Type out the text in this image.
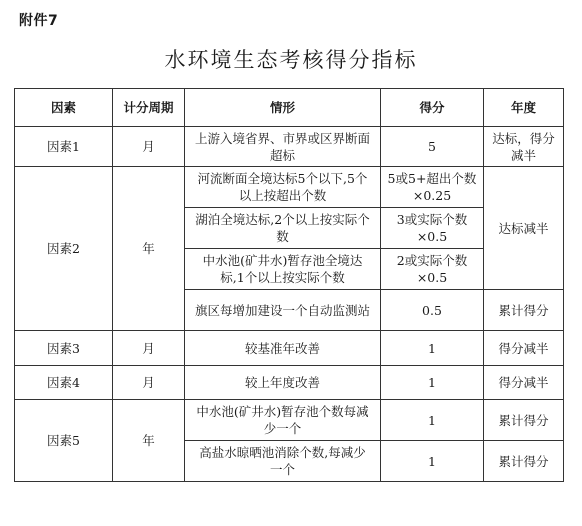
附件7
水环境生态考核得分指标
因素	计分周期	情形	得分	年度
因素1	月	上游入境省界、市界或区界断面超标	5	达标，得分减半
因素2	年	河流断面全境达标5个以下,5个以上按超出个数	5或5+超出个数×0.25	达标减半
		湖泊全境达标,2个以上按实际个数	3或实际个数×0.5	
		中水池(矿井水)暂存池全境达标,1个以上按实际个数	2或实际个数×0.5	
		旗区每增加建设一个自动监测站	0.5	累计得分
因素3	月	较基准年改善	1	得分减半
因素4	月	较上年度改善	1	得分减半
因素5	年	中水池(矿井水)暂存池个数每减少一个	1	累计得分
		高盐水晾晒池消除个数,每减少一个	1	累计得分
